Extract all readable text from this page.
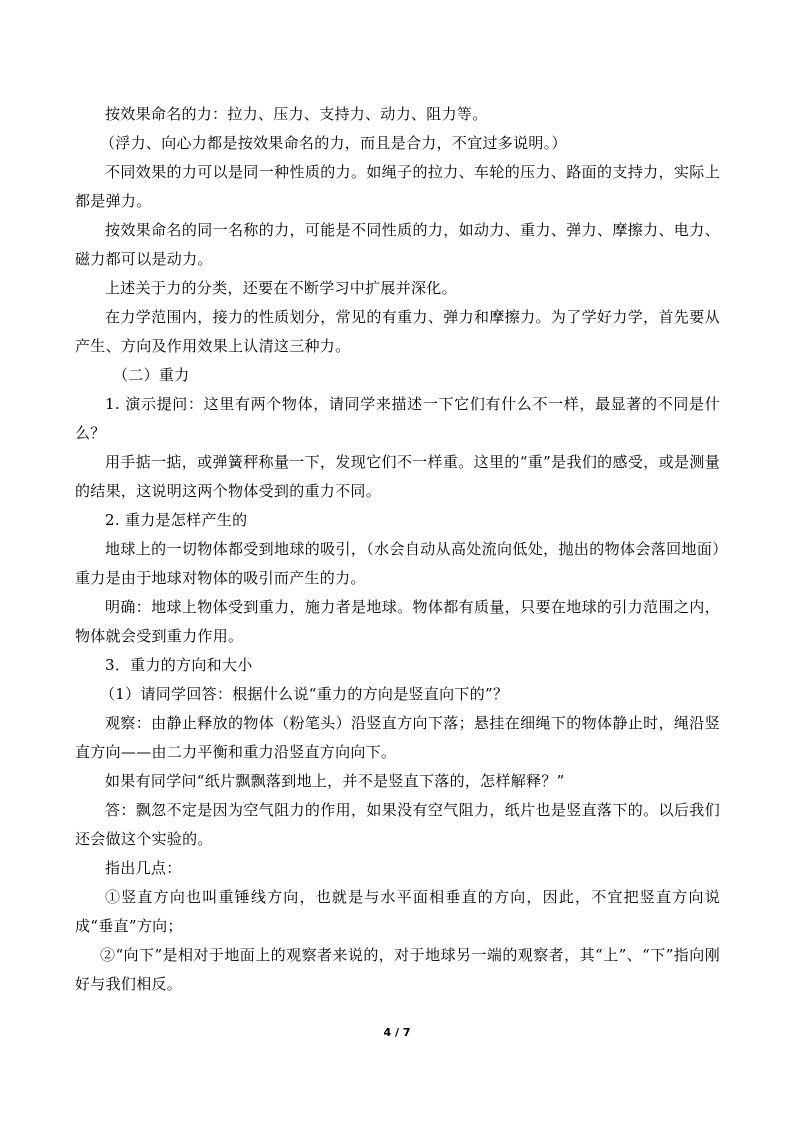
按效果命名的力：拉力、压力、支持力、动力、阻力等。

（浮力、向心力都是按效果命名的力，而且是合力，不宜过多说明。）

不同效果的力可以是同一种性质的力。如绳子的拉力、车轮的压力、路面的支持力，实际上都是弹力。

按效果命名的同一名称的力，可能是不同性质的力，如动力、重力、弹力、摩擦力、电力、磁力都可以是动力。

上述关于力的分类，还要在不断学习中扩展并深化。

在力学范围内，接力的性质划分，常见的有重力、弹力和摩擦力。为了学好力学，首先要从产生、方向及作用效果上认清这三种力。

（二）重力

1. 演示提问：这里有两个物体，请同学来描述一下它们有什么不一样，最显著的不同是什么？

用手掂一掂，或弹簧秤称量一下，发现它们不一样重。这里的“重”是我们的感受，或是测量的结果，这说明这两个物体受到的重力不同。

2. 重力是怎样产生的

地球上的一切物体都受到地球的吸引，（水会自动从高处流向低处，抛出的物体会落回地面）重力是由于地球对物体的吸引而产生的力。

明确：地球上物体受到重力，施力者是地球。物体都有质量，只要在地球的引力范围之内，物体就会受到重力作用。

3．重力的方向和大小

（1）请同学回答：根据什么说“重力的方向是竖直向下的”？

观察：由静止释放的物体（粉笔头）沿竖直方向下落；悬挂在细绳下的物体静止时，绳沿竖直方向——由二力平衡和重力沿竖直方向向下。

如果有同学问“纸片飘飘落到地上，并不是竖直下落的，怎样解释？”

答：飘忽不定是因为空气阻力的作用，如果没有空气阻力，纸片也是竖直落下的。以后我们还会做这个实验的。

指出几点：

①竖直方向也叫重锤线方向，也就是与水平面相垂直的方向，因此，不宜把竖直方向说成“垂直”方向；

②“向下”是相对于地面上的观察者来说的，对于地球另一端的观察者，其“上”、“下”指向刚好与我们相反。

4 / 7
